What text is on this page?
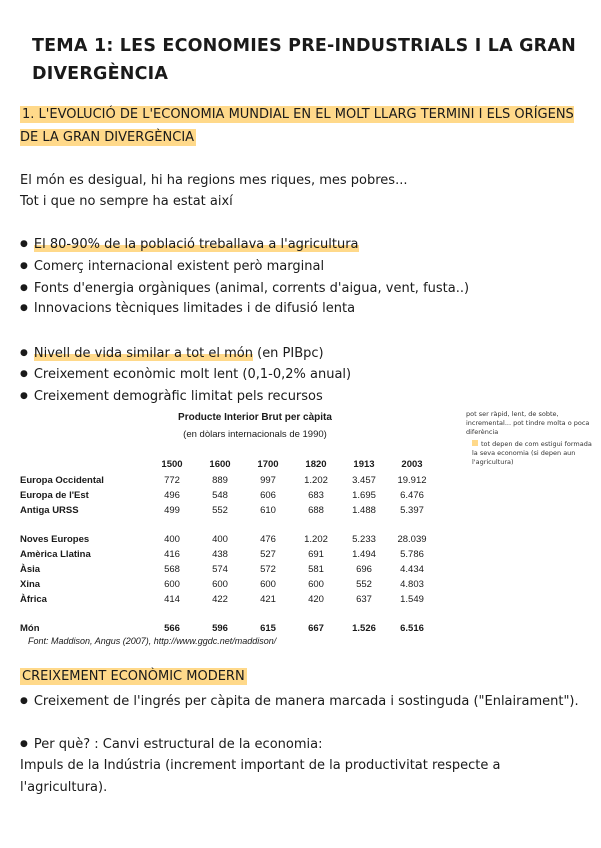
TEMA 1: LES ECONOMIES PRE-INDUSTRIALS I LA GRAN DIVERGÈNCIA
1. L'EVOLUCIÓ DE L'ECONOMIA MUNDIAL EN EL MOLT LLARG TERMINI I ELS ORÍGENS DE LA GRAN DIVERGÈNCIA
El món es desigual, hi ha regions mes riques, mes pobres...
Tot i que no sempre ha estat així
● El 80-90% de la població treballava a l'agricultura
● Comerç internacional existent però marginal
● Fonts d'energia orgàniques (animal, corrents d'aigua, vent, fusta..)
● Innovacions tècniques limitades i de difusió lenta
● Nivell de vida similar a tot el món (en PIBpc)
● Creixement econòmic molt lent (0,1-0,2% anual)
● Creixement demogràfic limitat pels recursos
Producte Interior Brut per càpita
(en dòlars internacionals de 1990)
	1500	1600	1700	1820	1913	2003
Europa Occidental	772	889	997	1.202	3.457	19.912
Europa de l'Est	496	548	606	683	1.695	6.476
Antiga URSS	499	552	610	688	1.488	5.397

Noves Europes	400	400	476	1.202	5.233	28.039
Amèrica Llatina	416	438	527	691	1.494	5.786
Àsia	568	574	572	581	696	4.434
Xina	600	600	600	600	552	4.803
Àfrica	414	422	421	420	637	1.549

Món	566	596	615	667	1.526	6.516
Font: Maddison, Angus (2007), http://www.ggdc.net/maddison/
pot ser ràpid, lent, de sobte, incremental... pot tindre molta o poca diferència
tot depen de com estigui formada la seva economia (si depen aun l'agricultura)
CREIXEMENT ECONÒMIC MODERN
● Creixement de l'ingrés per càpita de manera marcada i sostinguda ("Enlairament").
● Per què? : Canvi estructural de la economia:
Impuls de la Indústria (increment important de la productivitat respecte a l'agricultura).
